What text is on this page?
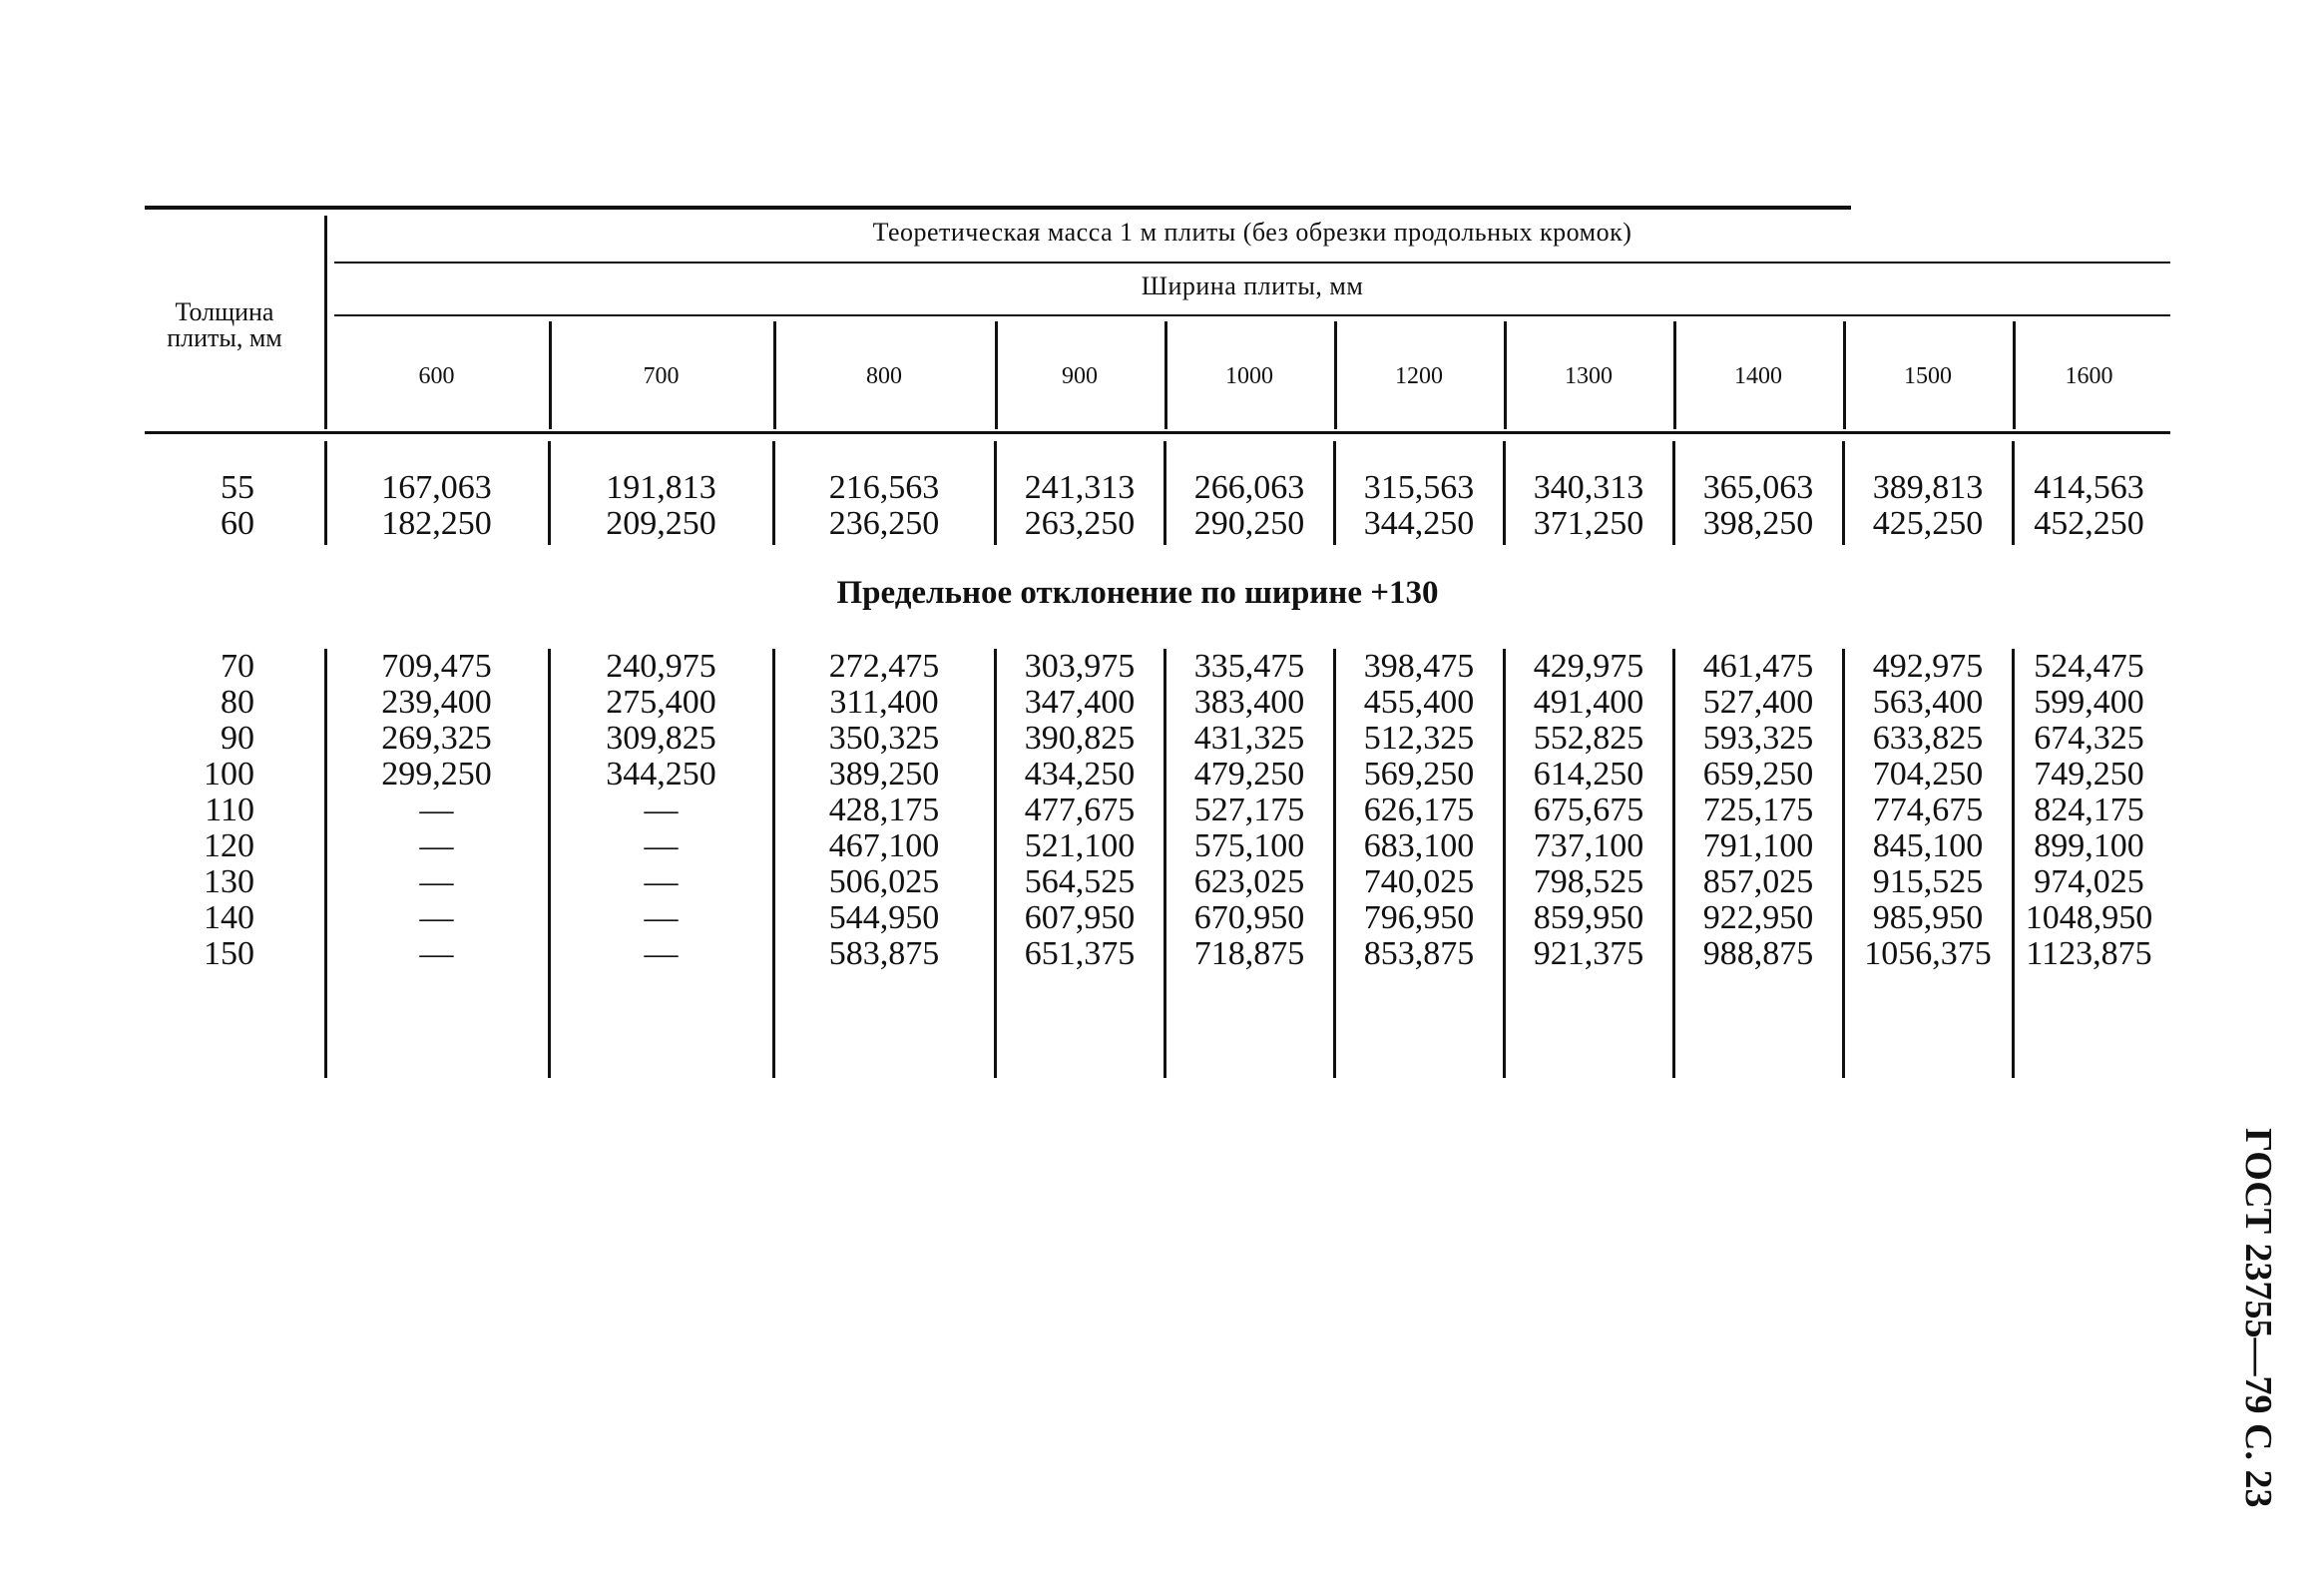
Толщина плиты, мм
Теоретическая масса 1 м плиты (без обрезки продольных кромок)
Ширина плиты, мм
600	700	800	900	1000	1200	1300	1400	1500	1600
55	167,063	191,813	216,563	241,313	266,063	315,563	340,313	365,063	389,813	414,563
60	182,250	209,250	236,250	263,250	290,250	344,250	371,250	398,250	425,250	452,250
Предельное отклонение по ширине +130
70	709,475	240,975	272,475	303,975	335,475	398,475	429,975	461,475	492,975	524,475
80	239,400	275,400	311,400	347,400	383,400	455,400	491,400	527,400	563,400	599,400
90	269,325	309,825	350,325	390,825	431,325	512,325	552,825	593,325	633,825	674,325
100	299,250	344,250	389,250	434,250	479,250	569,250	614,250	659,250	704,250	749,250
110	—	—	428,175	477,675	527,175	626,175	675,675	725,175	774,675	824,175
120	—	—	467,100	521,100	575,100	683,100	737,100	791,100	845,100	899,100
130	—	—	506,025	564,525	623,025	740,025	798,525	857,025	915,525	974,025
140	—	—	544,950	607,950	670,950	796,950	859,950	922,950	985,950	1048,950
150	—	—	583,875	651,375	718,875	853,875	921,375	988,875	1056,375	1123,875
ГОСТ 23755—79 С. 23
